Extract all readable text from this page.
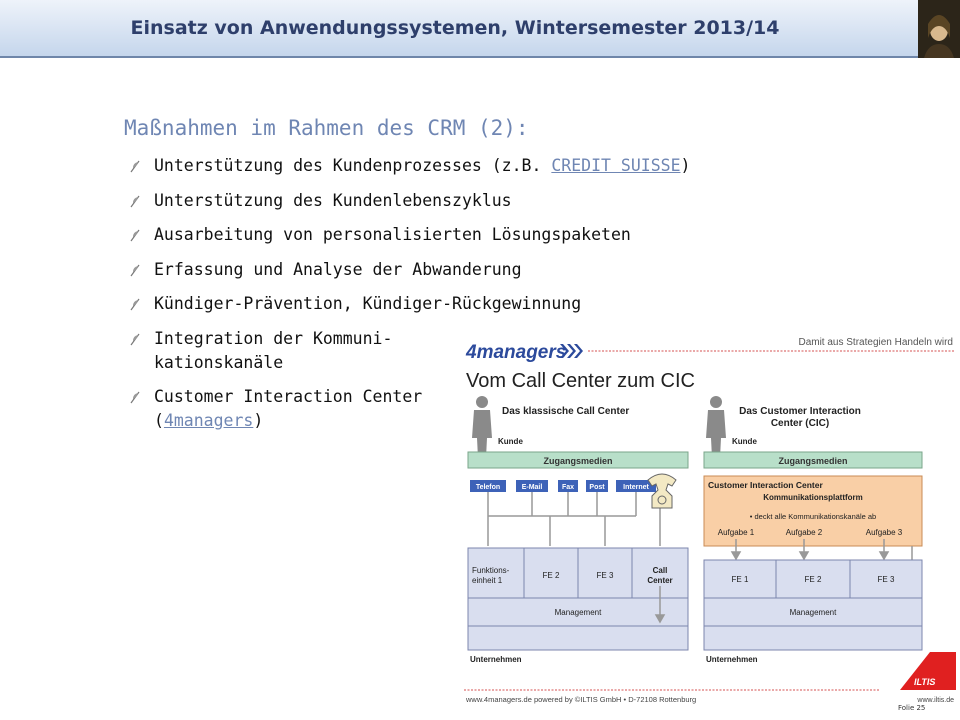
Einsatz von Anwendungssystemen, Wintersemester 2013/14
Maßnahmen im Rahmen des CRM (2):
Unterstützung des Kundenprozesses (z.B. CREDIT SUISSE)
Unterstützung des Kundenlebenszyklus
Ausarbeitung von personalisierten Lösungspaketen
Erfassung und Analyse der Abwanderung
Kündiger-Prävention, Kündiger-Rückgewinnung
Integration der Kommuni-
kationskanäle
Customer Interaction Center
(4managers)
4managers	Damit aus Strategien Handeln wird
Vom Call Center zum CIC
Das klassische Call Center
Kunde
Zugangsmedien
Telefon	E-Mail	Fax Post	Internet
Funktions-
einheit 1
FE 2	FE 3
Call
Center
Management
Unternehmen
Das Customer Interaction
Center (CIC)
Kunde
Zugangsmedien
Customer Interaction Center
Kommunikationsplattform
• deckt alle Kommunikationskanäle ab
Aufgabe 1	Aufgabe 2	Aufgabe 3
FE 1	FE 2	FE 3
Management
Unternehmen
www.4managers.de powered by ©ILTIS GmbH • D-72108 Rottenburg
ILTIS
www.iltis.de
Folie 25
